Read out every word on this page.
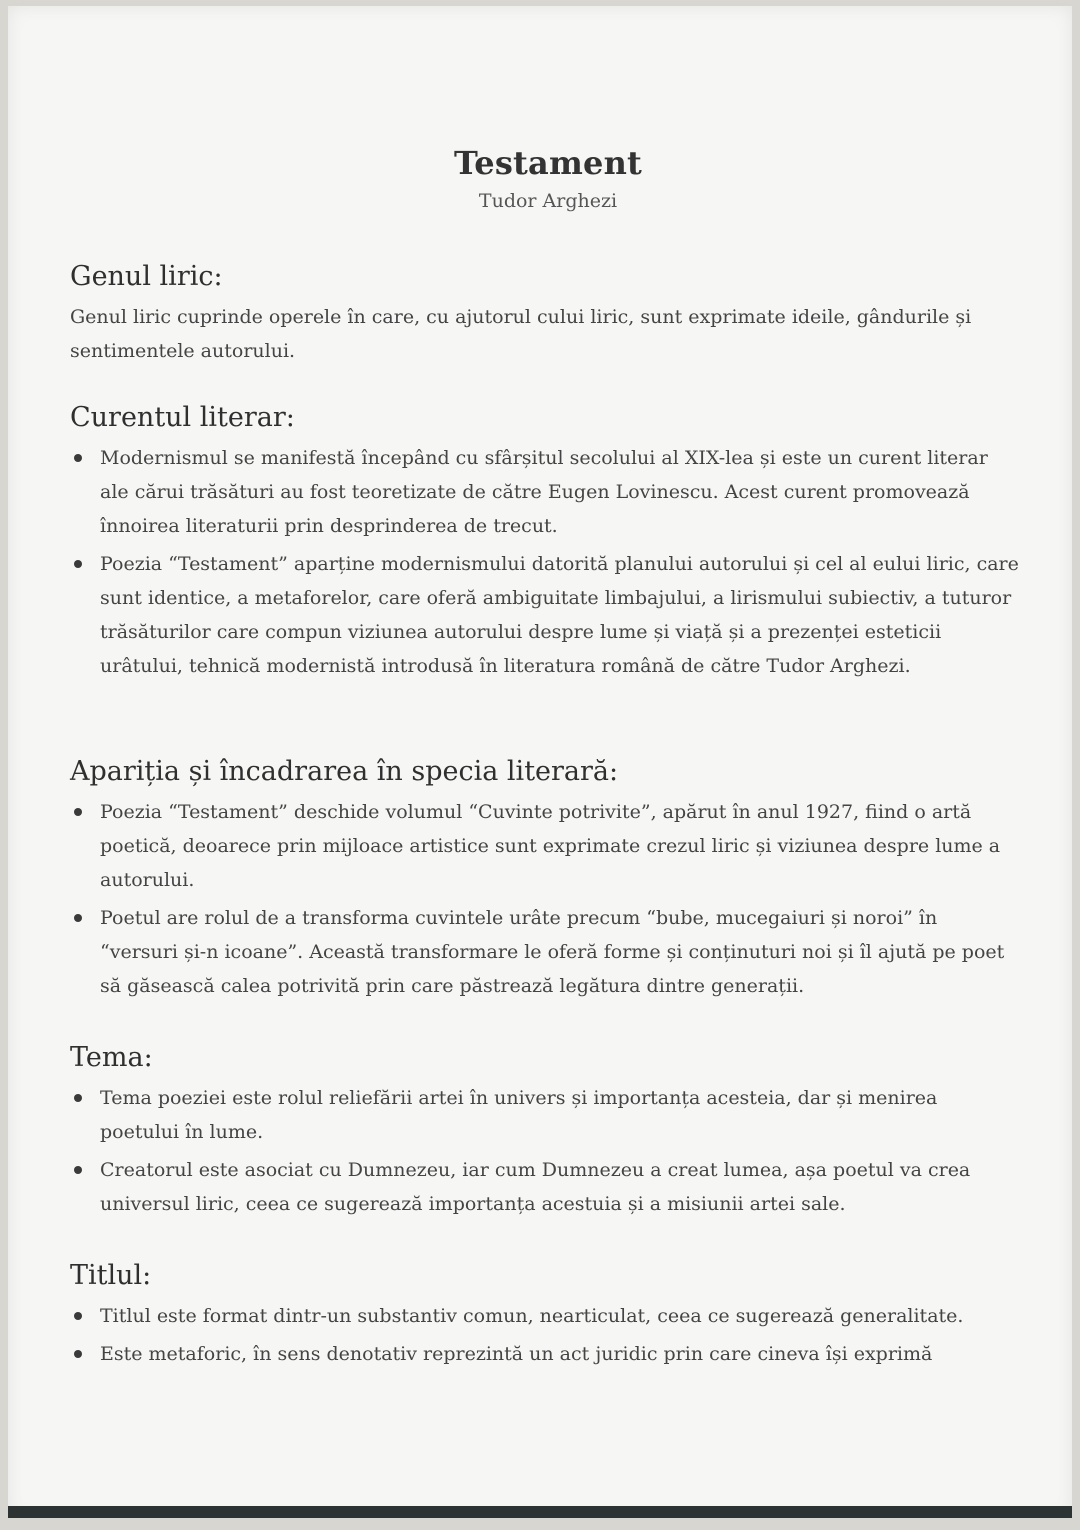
Testament
Tudor Arghezi
Genul liric:

Genul liric cuprinde operele în care, cu ajutorul cului liric, sunt exprimate ideile, gândurile și sentimentele autorului.

Curentul literar:
Modernismul se manifestă începând cu sfârșitul secolului al XIX-lea și este un curent literar ale cărui trăsături au fost teoretizate de către Eugen Lovinescu. Acest curent promovează înnoirea literaturii prin desprinderea de trecut.
Poezia “Testament” aparține modernismului datorită planului autorului și cel al eului liric, care sunt identice, a metaforelor, care oferă ambiguitate limbajului, a lirismului subiectiv, a tuturor trăsăturilor care compun viziunea autorului despre lume și viață și a prezenței esteticii urâtului, tehnică modernistă introdusă în literatura română de către Tudor Arghezi.
Apariția și încadrarea în specia literară:
Poezia “Testament” deschide volumul “Cuvinte potrivite”, apărut în anul 1927, fiind o artă poetică, deoarece prin mijloace artistice sunt exprimate crezul liric și viziunea despre lume a autorului.
Poetul are rolul de a transforma cuvintele urâte precum “bube, mucegaiuri și noroi” în “versuri și-n icoane”. Această transformare le oferă forme și conținuturi noi și îl ajută pe poet să găsească calea potrivită prin care păstrează legătura dintre generații.
Tema:
Tema poeziei este rolul reliefării artei în univers și importanța acesteia, dar și menirea poetului în lume.
Creatorul este asociat cu Dumnezeu, iar cum Dumnezeu a creat lumea, așa poetul va crea universul liric, ceea ce sugerează importanța acestuia și a misiunii artei sale.
Titlul:
Titlul este format dintr-un substantiv comun, nearticulat, ceea ce sugerează generalitate.
Este metaforic, în sens denotativ reprezintă un act juridic prin care cineva își exprimă
